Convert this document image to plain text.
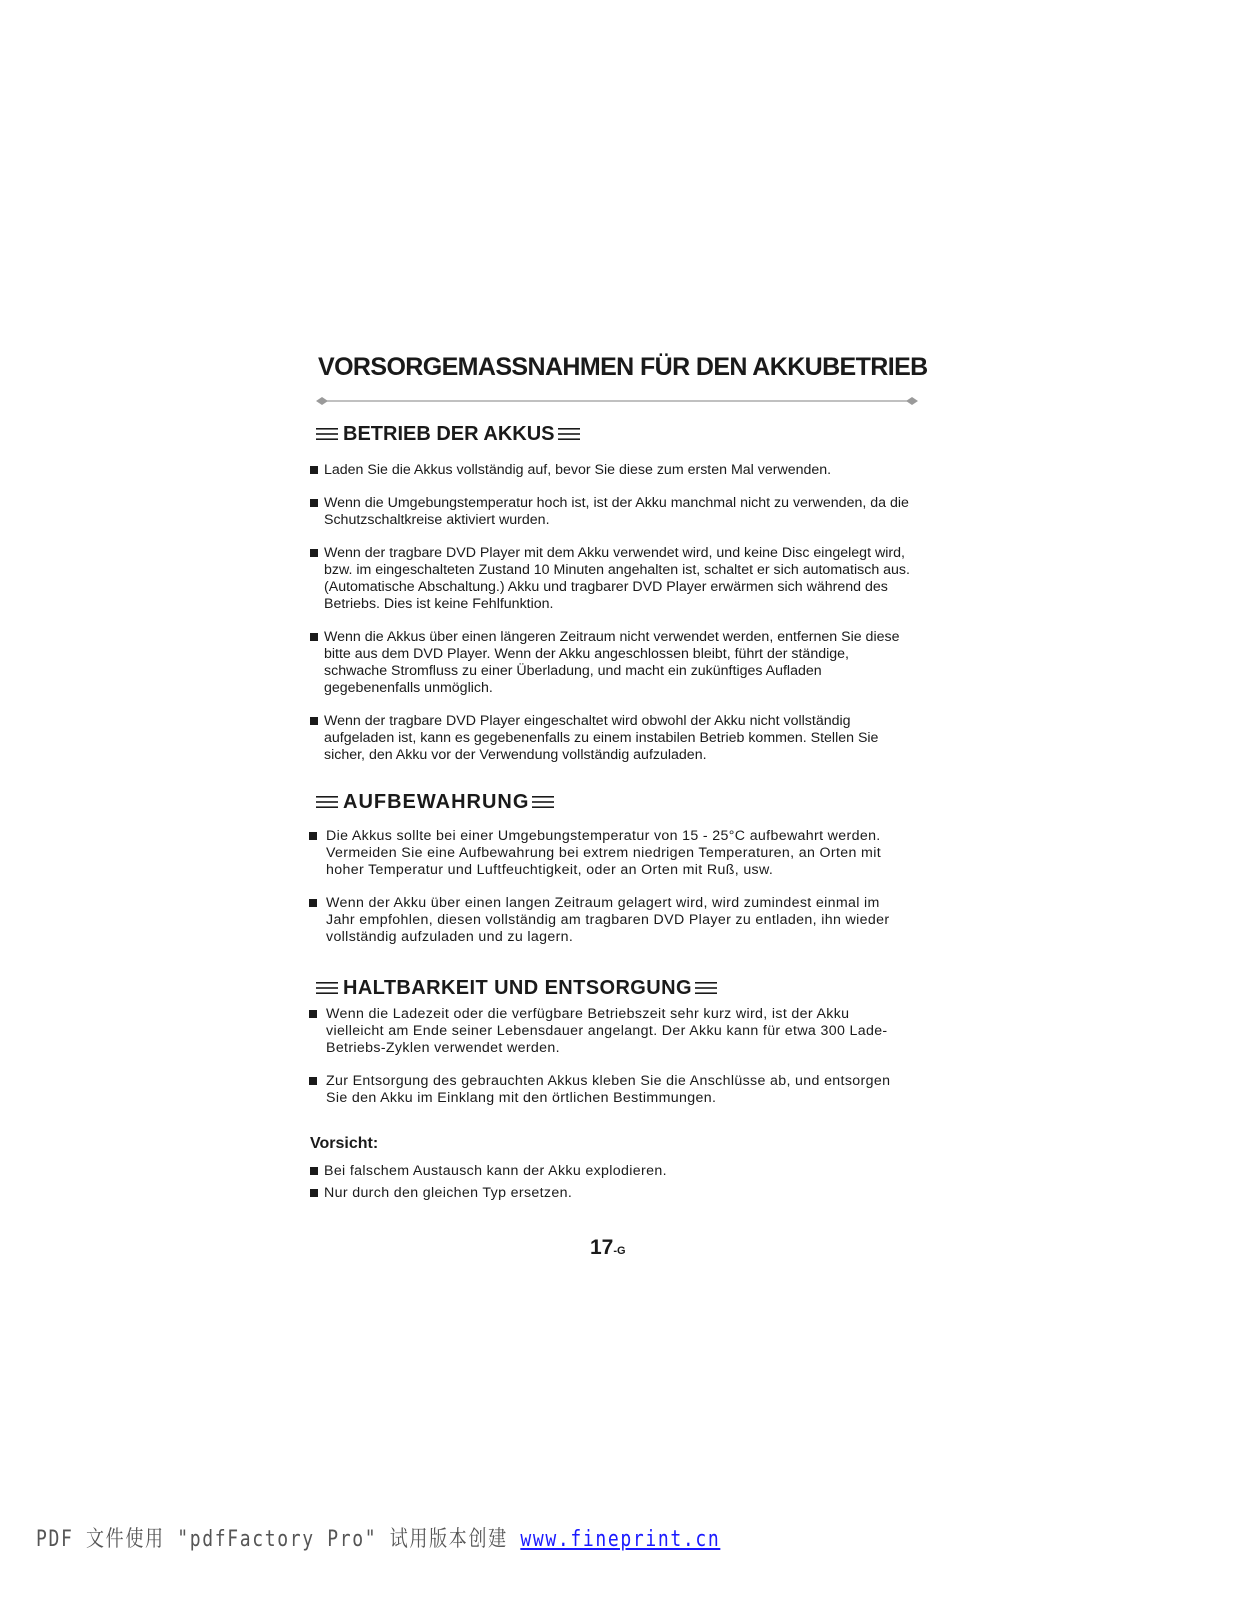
VORSORGEMASSNAHMEN FÜR DEN AKKUBETRIEB
BETRIEB DER AKKUS
Laden Sie die Akkus vollständig auf, bevor Sie diese zum ersten Mal verwenden.
Wenn die Umgebungstemperatur hoch ist, ist der Akku manchmal nicht zu verwenden, da die Schutzschaltkreise aktiviert wurden.
Wenn der tragbare DVD Player mit dem Akku verwendet wird, und keine Disc eingelegt wird, bzw. im eingeschalteten Zustand 10 Minuten angehalten ist, schaltet er sich automatisch aus. (Automatische Abschaltung.) Akku und tragbarer DVD Player erwärmen sich während des Betriebs. Dies ist keine Fehlfunktion.
Wenn die Akkus über einen längeren Zeitraum nicht verwendet werden, entfernen Sie diese bitte aus dem DVD Player. Wenn der Akku angeschlossen bleibt, führt der ständige, schwache Stromfluss zu einer Überladung, und macht ein zukünftiges Aufladen gegebenenfalls unmöglich.
Wenn der tragbare DVD Player eingeschaltet wird obwohl der Akku nicht vollständig aufgeladen ist, kann es gegebenenfalls zu einem instabilen Betrieb kommen. Stellen Sie sicher, den Akku vor der Verwendung vollständig aufzuladen.
AUFBEWAHRUNG
Die Akkus sollte bei einer Umgebungstemperatur von 15 - 25°C aufbewahrt werden. Vermeiden Sie eine Aufbewahrung bei extrem niedrigen Temperaturen, an Orten mit hoher Temperatur und Luftfeuchtigkeit, oder an Orten mit Ruß, usw.
Wenn der Akku über einen langen Zeitraum gelagert wird, wird zumindest einmal im Jahr empfohlen, diesen vollständig am tragbaren DVD Player zu entladen, ihn wieder vollständig aufzuladen und zu lagern.
HALTBARKEIT UND ENTSORGUNG
Wenn die Ladezeit oder die verfügbare Betriebszeit sehr kurz wird, ist der Akku vielleicht am Ende seiner Lebensdauer angelangt. Der Akku kann für etwa 300 Lade-Betriebs-Zyklen verwendet werden.
Zur Entsorgung des gebrauchten Akkus kleben Sie die Anschlüsse ab, und entsorgen Sie den Akku im Einklang mit den örtlichen Bestimmungen.
Vorsicht:
Bei falschem Austausch kann der Akku explodieren.
Nur durch den gleichen Typ ersetzen.
17-G
PDF 文件使用 "pdfFactory Pro" 试用版本创建 www.fineprint.cn
